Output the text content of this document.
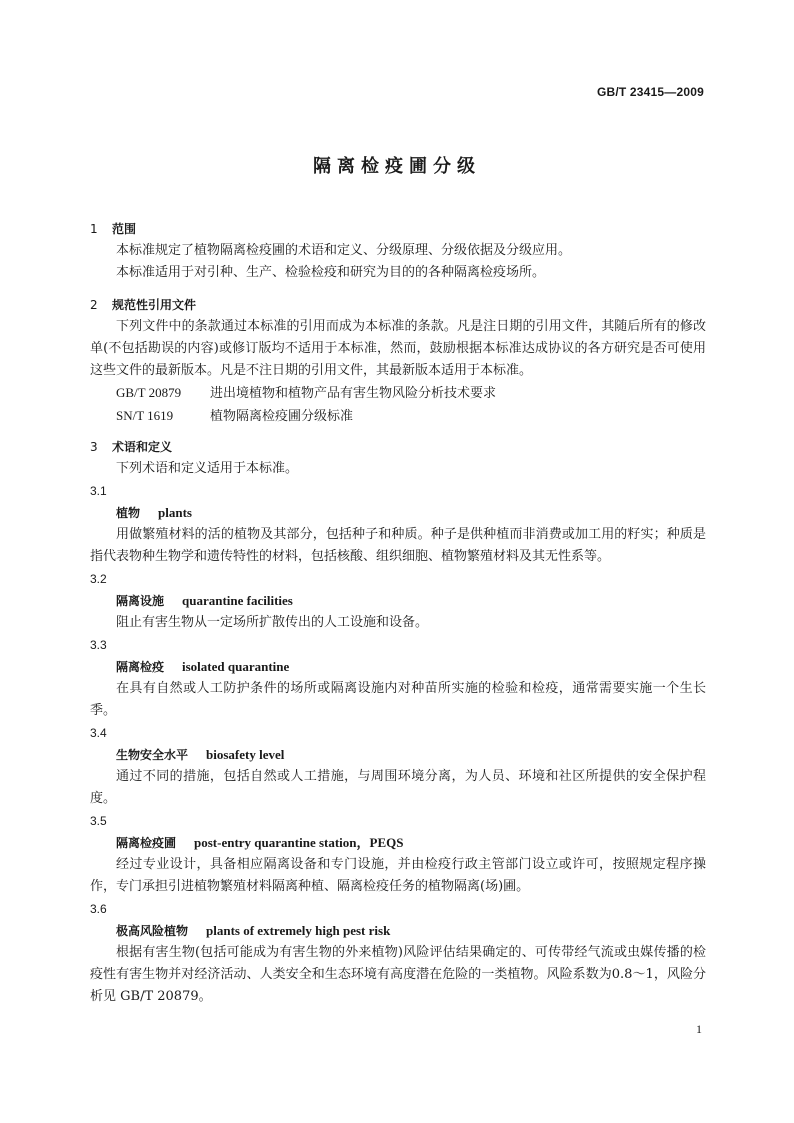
GB/T 23415—2009
隔离检疫圃分级
1 范围

本标准规定了植物隔离检疫圃的术语和定义、分级原理、分级依据及分级应用。

本标准适用于对引种、生产、检验检疫和研究为目的的各种隔离检疫场所。

2 规范性引用文件

下列文件中的条款通过本标准的引用而成为本标准的条款。凡是注日期的引用文件，其随后所有的修改单(不包括勘误的内容)或修订版均不适用于本标准，然而，鼓励根据本标准达成协议的各方研究是否可使用这些文件的最新版本。凡是不注日期的引用文件，其最新版本适用于本标准。

GB/T 20879 进出境植物和植物产品有害生物风险分析技术要求

SN/T 1619	植物隔离检疫圃分级标准

3 术语和定义

下列术语和定义适用于本标准。

3.1
植物 plants

用做繁殖材料的活的植物及其部分，包括种子和种质。种子是供种植而非消费或加工用的籽实；种质是指代表物种生物学和遗传特性的材料，包括核酸、组织细胞、植物繁殖材料及其无性系等。

3.2
隔离设施 quarantine facilities

阻止有害生物从一定场所扩散传出的人工设施和设备。

3.3
隔离检疫 isolated quarantine

在具有自然或人工防护条件的场所或隔离设施内对种苗所实施的检验和检疫，通常需要实施一个生长季。

3.4
生物安全水平 biosafety level

通过不同的措施，包括自然或人工措施，与周围环境分离，为人员、环境和社区所提供的安全保护程度。

3.5
隔离检疫圃 post-entry quarantine station，PEQS

经过专业设计，具备相应隔离设备和专门设施，并由检疫行政主管部门设立或许可，按照规定程序操作，专门承担引进植物繁殖材料隔离种植、隔离检疫任务的植物隔离(场)圃。

3.6
极高风险植物 plants of extremely high pest risk

根据有害生物(包括可能成为有害生物的外来植物)风险评估结果确定的、可传带经气流或虫媒传播的检疫性有害生物并对经济活动、人类安全和生态环境有高度潜在危险的一类植物。风险系数为0.8～1，风险分析见 GB/T 20879。

1
